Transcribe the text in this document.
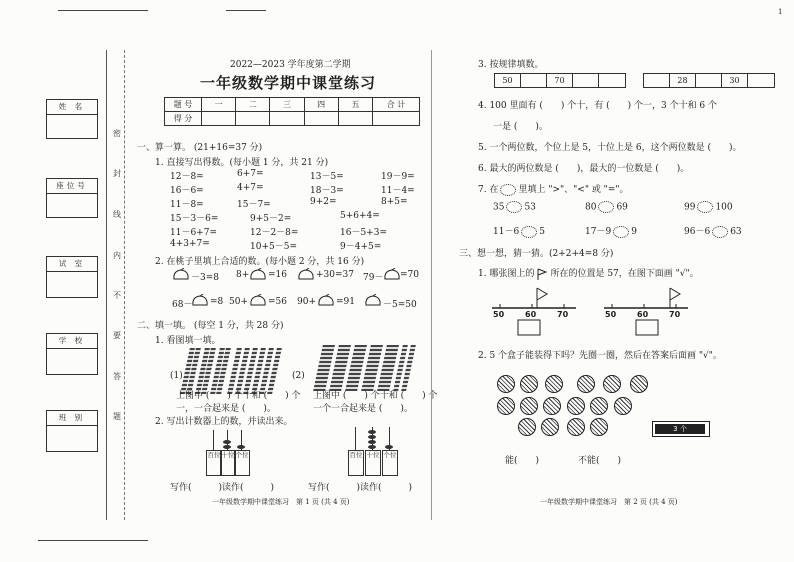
1
姓 名
座位号
试 室
学 校
班 别
密
封
线
内
不
要
答
题
2022—2023 学年度第二学期
一年级数学期中课堂练习
题 号	一	二	三	四	五	合 计
得 分						
一、算一算。 (21+16=37 分)
1. 直接写出得数。(每小题 1 分，共 21 分)
12－8=	6+7=	13－5=	19－9=
16－6=	4+7=	18－3=	11－4=
11－8=	15－7=	9+2=	8+5=
15－3－6=	9+5－2=	5+6+4=
11－6+7=	12－2－8=	16－5+3=
4+3+7=	10+5－5=	9－4+5=
2. 在桃子里填上合适的数。(每小题 2 分，共 16 分)
－3=8 8+ =16	+30=37 79－ =70
68－ =8 50+ =56 90+ =91	－5=50
二、填一填。 (每空 1 分，共 28 分)
1. 看图填一填。
(1)	(2)
上图中 (　　) 个十和 (　　) 个
一，一合起来是 (　　)。
上图中 (　　) 个十和 (　　) 个
一个一合起来是 (　　)。
2. 写出计数器上的数，并读出来。
百位 十位 个位	百位 十位 个位
写作(　　　)读作(　　　)	写作(　　　)读作(　　　)
一年级数学期中课堂练习　第 1 页 (共 4 页)
3. 按规律填数。
50	70	28	30
4. 100 里面有 (　　) 个十，有 (　　) 个一，3 个十和 6 个
一是 (　　)。
5. 一个两位数，个位上是 5，十位上是 6，这个两位数是 (　　)。
6. 最大的两位数是 (　　)，最大的一位数是 (　　)。
7. 在 里填上 ">"、"<" 或 "="。
35 53	80 69	99 100
11－6 5	17－9 9	96－6 63
三、想一想，猜一猜。(2+2+4=8 分)
1. 哪张图上的 所在的位置是 57，在图下面画 "√"。
50	60	70	50	60	70
2. 5 个盒子能装得下吗？先圈一圈，然后在答案后面画 "√"。
3 个
能(　　)	不能(　　)
一年级数学期中课堂练习　第 2 页 (共 4 页)
